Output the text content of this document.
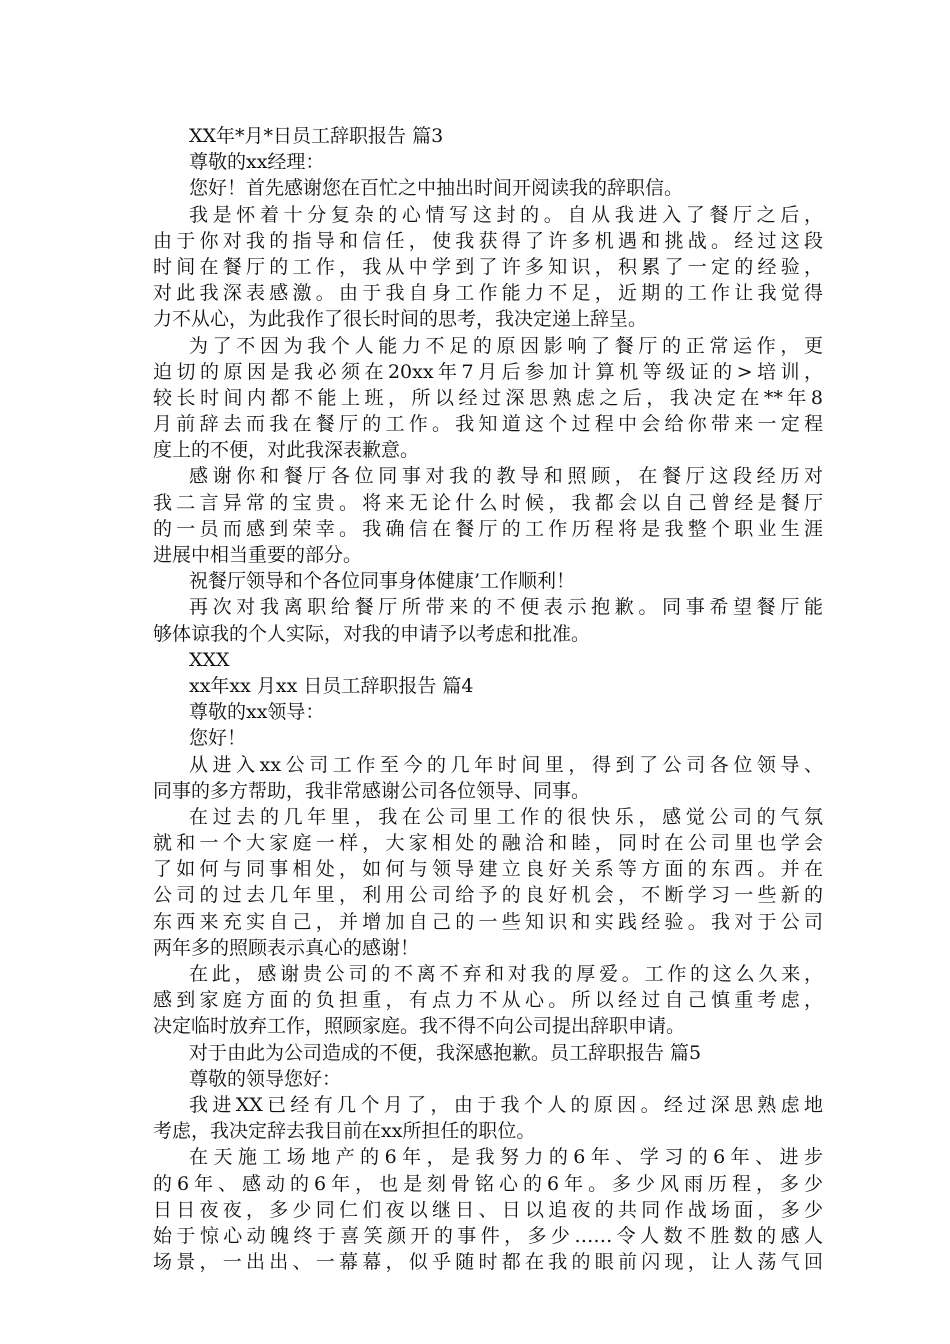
XX年*月*日员工辞职报告 篇3
尊敬的xx经理：
您好！首先感谢您在百忙之中抽出时间开阅读我的辞职信。
我是怀着十分复杂的心情写这封的。自从我进入了餐厅之后，
由于你对我的指导和信任，使我获得了许多机遇和挑战。经过这段
时间在餐厅的工作，我从中学到了许多知识，积累了一定的经验，
对此我深表感激。由于我自身工作能力不足，近期的工作让我觉得
力不从心，为此我作了很长时间的思考，我决定递上辞呈。
为了不因为我个人能力不足的原因影响了餐厅的正常运作，更
迫切的原因是我必须在20xx年7月后参加计算机等级证的>培训，
较长时间内都不能上班，所以经过深思熟虑之后，我决定在**年8
月前辞去而我在餐厅的工作。我知道这个过程中会给你带来一定程
度上的不便，对此我深表歉意。
感谢你和餐厅各位同事对我的教导和照顾，在餐厅这段经历对
我二言异常的宝贵。将来无论什么时候，我都会以自己曾经是餐厅
的一员而感到荣幸。我确信在餐厅的工作历程将是我整个职业生涯
进展中相当重要的部分。
祝餐厅领导和个各位同事身体健康’工作顺利！
再次对我离职给餐厅所带来的不便表示抱歉。同事希望餐厅能
够体谅我的个人实际，对我的申请予以考虑和批准。
XXX
xx年xx 月xx 日员工辞职报告 篇4
尊敬的xx领导：
您好！
从进入xx公司工作至今的几年时间里，得到了公司各位领导、
同事的多方帮助，我非常感谢公司各位领导、同事。
在过去的几年里，我在公司里工作的很快乐，感觉公司的气氛
就和一个大家庭一样，大家相处的融洽和睦，同时在公司里也学会
了如何与同事相处，如何与领导建立良好关系等方面的东西。并在
公司的过去几年里，利用公司给予的良好机会，不断学习一些新的
东西来充实自己，并增加自己的一些知识和实践经验。我对于公司
两年多的照顾表示真心的感谢！
在此，感谢贵公司的不离不弃和对我的厚爱。工作的这么久来，
感到家庭方面的负担重，有点力不从心。所以经过自己慎重考虑，
决定临时放弃工作，照顾家庭。我不得不向公司提出辞职申请。
对于由此为公司造成的不便，我深感抱歉。员工辞职报告 篇5
尊敬的领导您好：
我进XX已经有几个月了，由于我个人的原因。经过深思熟虑地
考虑，我决定辞去我目前在xx所担任的职位。
在天施工场地产的6年，是我努力的6年、学习的6年、进步
的6年、感动的6年，也是刻骨铭心的6年。多少风雨历程，多少
日日夜夜，多少同仁们夜以继日、日以追夜的共同作战场面，多少
始于惊心动魄终于喜笑颜开的事件，多少……令人数不胜数的感人
场景，一出出、一幕幕，似乎随时都在我的眼前闪现，让人荡气回
